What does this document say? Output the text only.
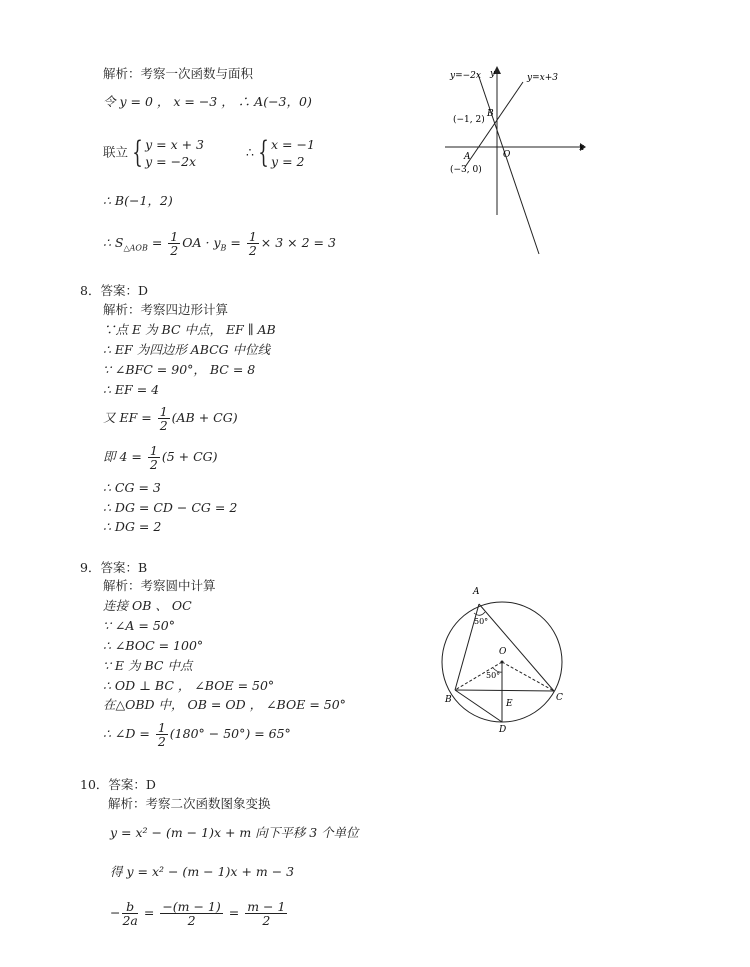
解析：考察一次函数与面积
令 y = 0 ， x = −3 ， ∴ A(−3，0)
联立 { y = x + 3
y = −2x  ∴ { x = −1
y = 2
∴ B(−1，2)
∴ $S_{\triangle AOB} = \frac{1}{2}$ OA · $y_B = \frac{1}{2} \times 3 \times 2 = 3$
y=−2x y	y=x+3
B
(−1, 2)
A
(−3, 0)
O
x
8．答案：D
解析：考察四边形计算
∵点 E 为 BC 中点， EF ∥ AB
∴ EF 为四边形 ABCG 中位线
∵ ∠BFC = 90°， BC = 8
∴ EF = 4
又 EF = $\frac{1}{2} (AB + CG)$
即 $4 = \frac{1}{2} (5 + CG)$
∴ CG = 3
∴ DG = CD − CG = 2
∴ DG = 2
9．答案：B
解析：考察圆中计算
连接 OB 、 OC
∵ ∠A = 50°
∴ ∠BOC = 100°
∵ E 为 BC 中点
∴ OD ⊥ BC ， ∠BOE = 50°
在△OBD 中， OB = OD ， ∠BOE = 50°
∴ ∠D = $\frac{1}{2} (180^\circ - 50^\circ) = 65^\circ$
A
B	C
D
E
O
50°
50°
10．答案：D
解析：考察二次函数图象变换
y = x² − (m − 1)x + m 向下平移 3 个单位
得 y = x² − (m − 1)x + m − 3
− $\frac{b}{2a} = \frac{-(m - 1)}{2} = \frac{m - 1}{2}$
